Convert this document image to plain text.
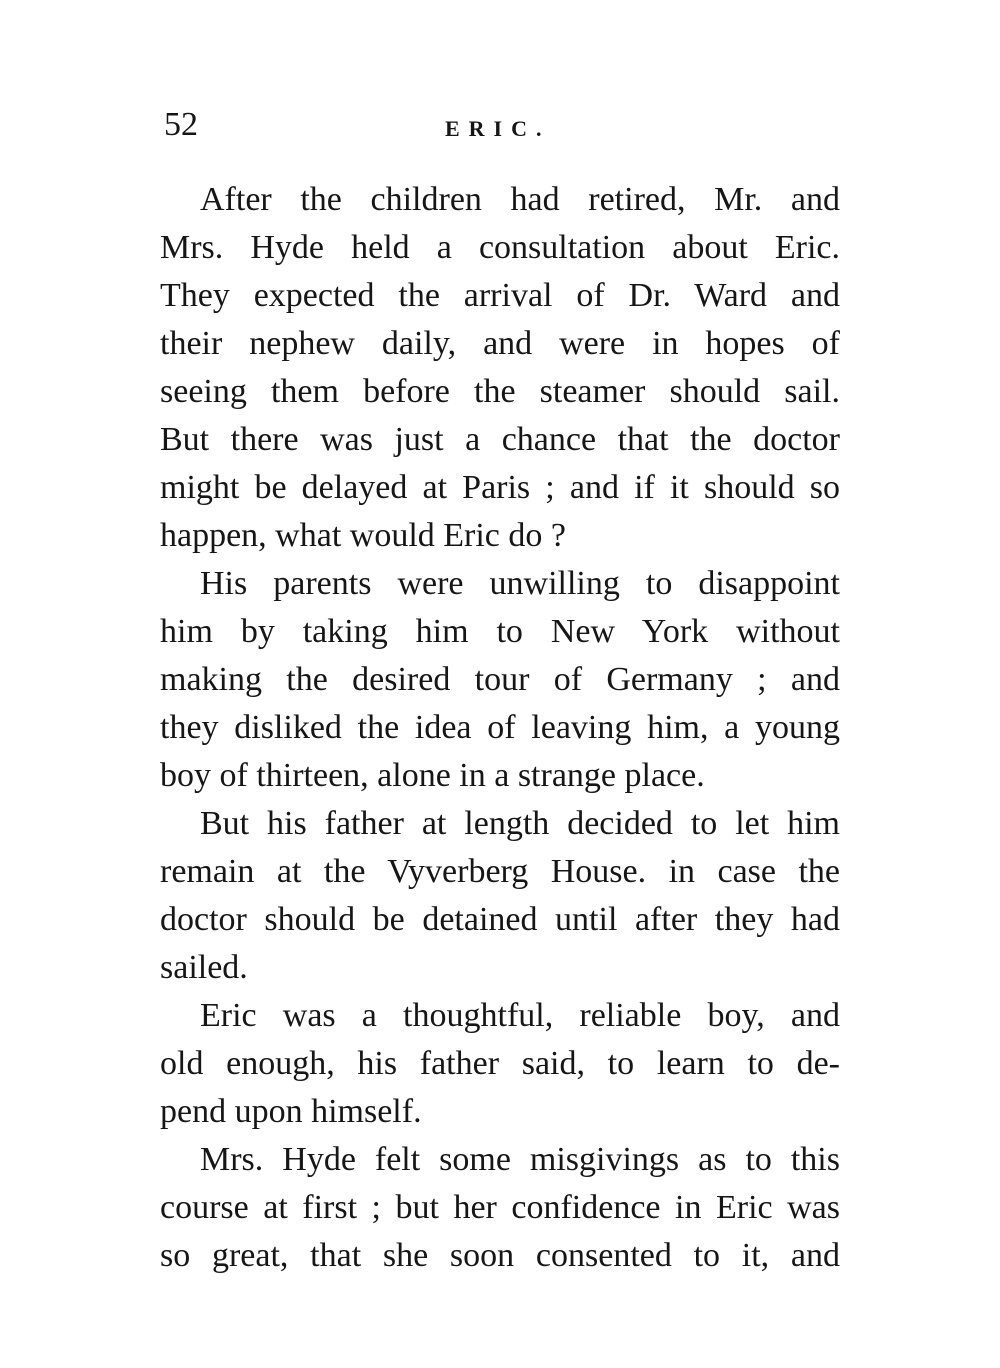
52	ERIC.
After the children had retired, Mr. and
Mrs. Hyde held a consultation about Eric.
They expected the arrival of Dr. Ward and
their nephew daily, and were in hopes of
seeing them before the steamer should sail.
But there was just a chance that the doctor
might be delayed at Paris ; and if it should so
happen, what would Eric do ?
His parents were unwilling to disappoint
him by taking him to New York without
making the desired tour of Germany ; and
they disliked the idea of leaving him, a young
boy of thirteen, alone in a strange place.
But his father at length decided to let him
remain at the Vyverberg House. in case the
doctor should be detained until after they had
sailed.
Eric was a thoughtful, reliable boy, and
old enough, his father said, to learn to de-
pend upon himself.
Mrs. Hyde felt some misgivings as to this
course at first ; but her confidence in Eric was
so great, that she soon consented to it, and
